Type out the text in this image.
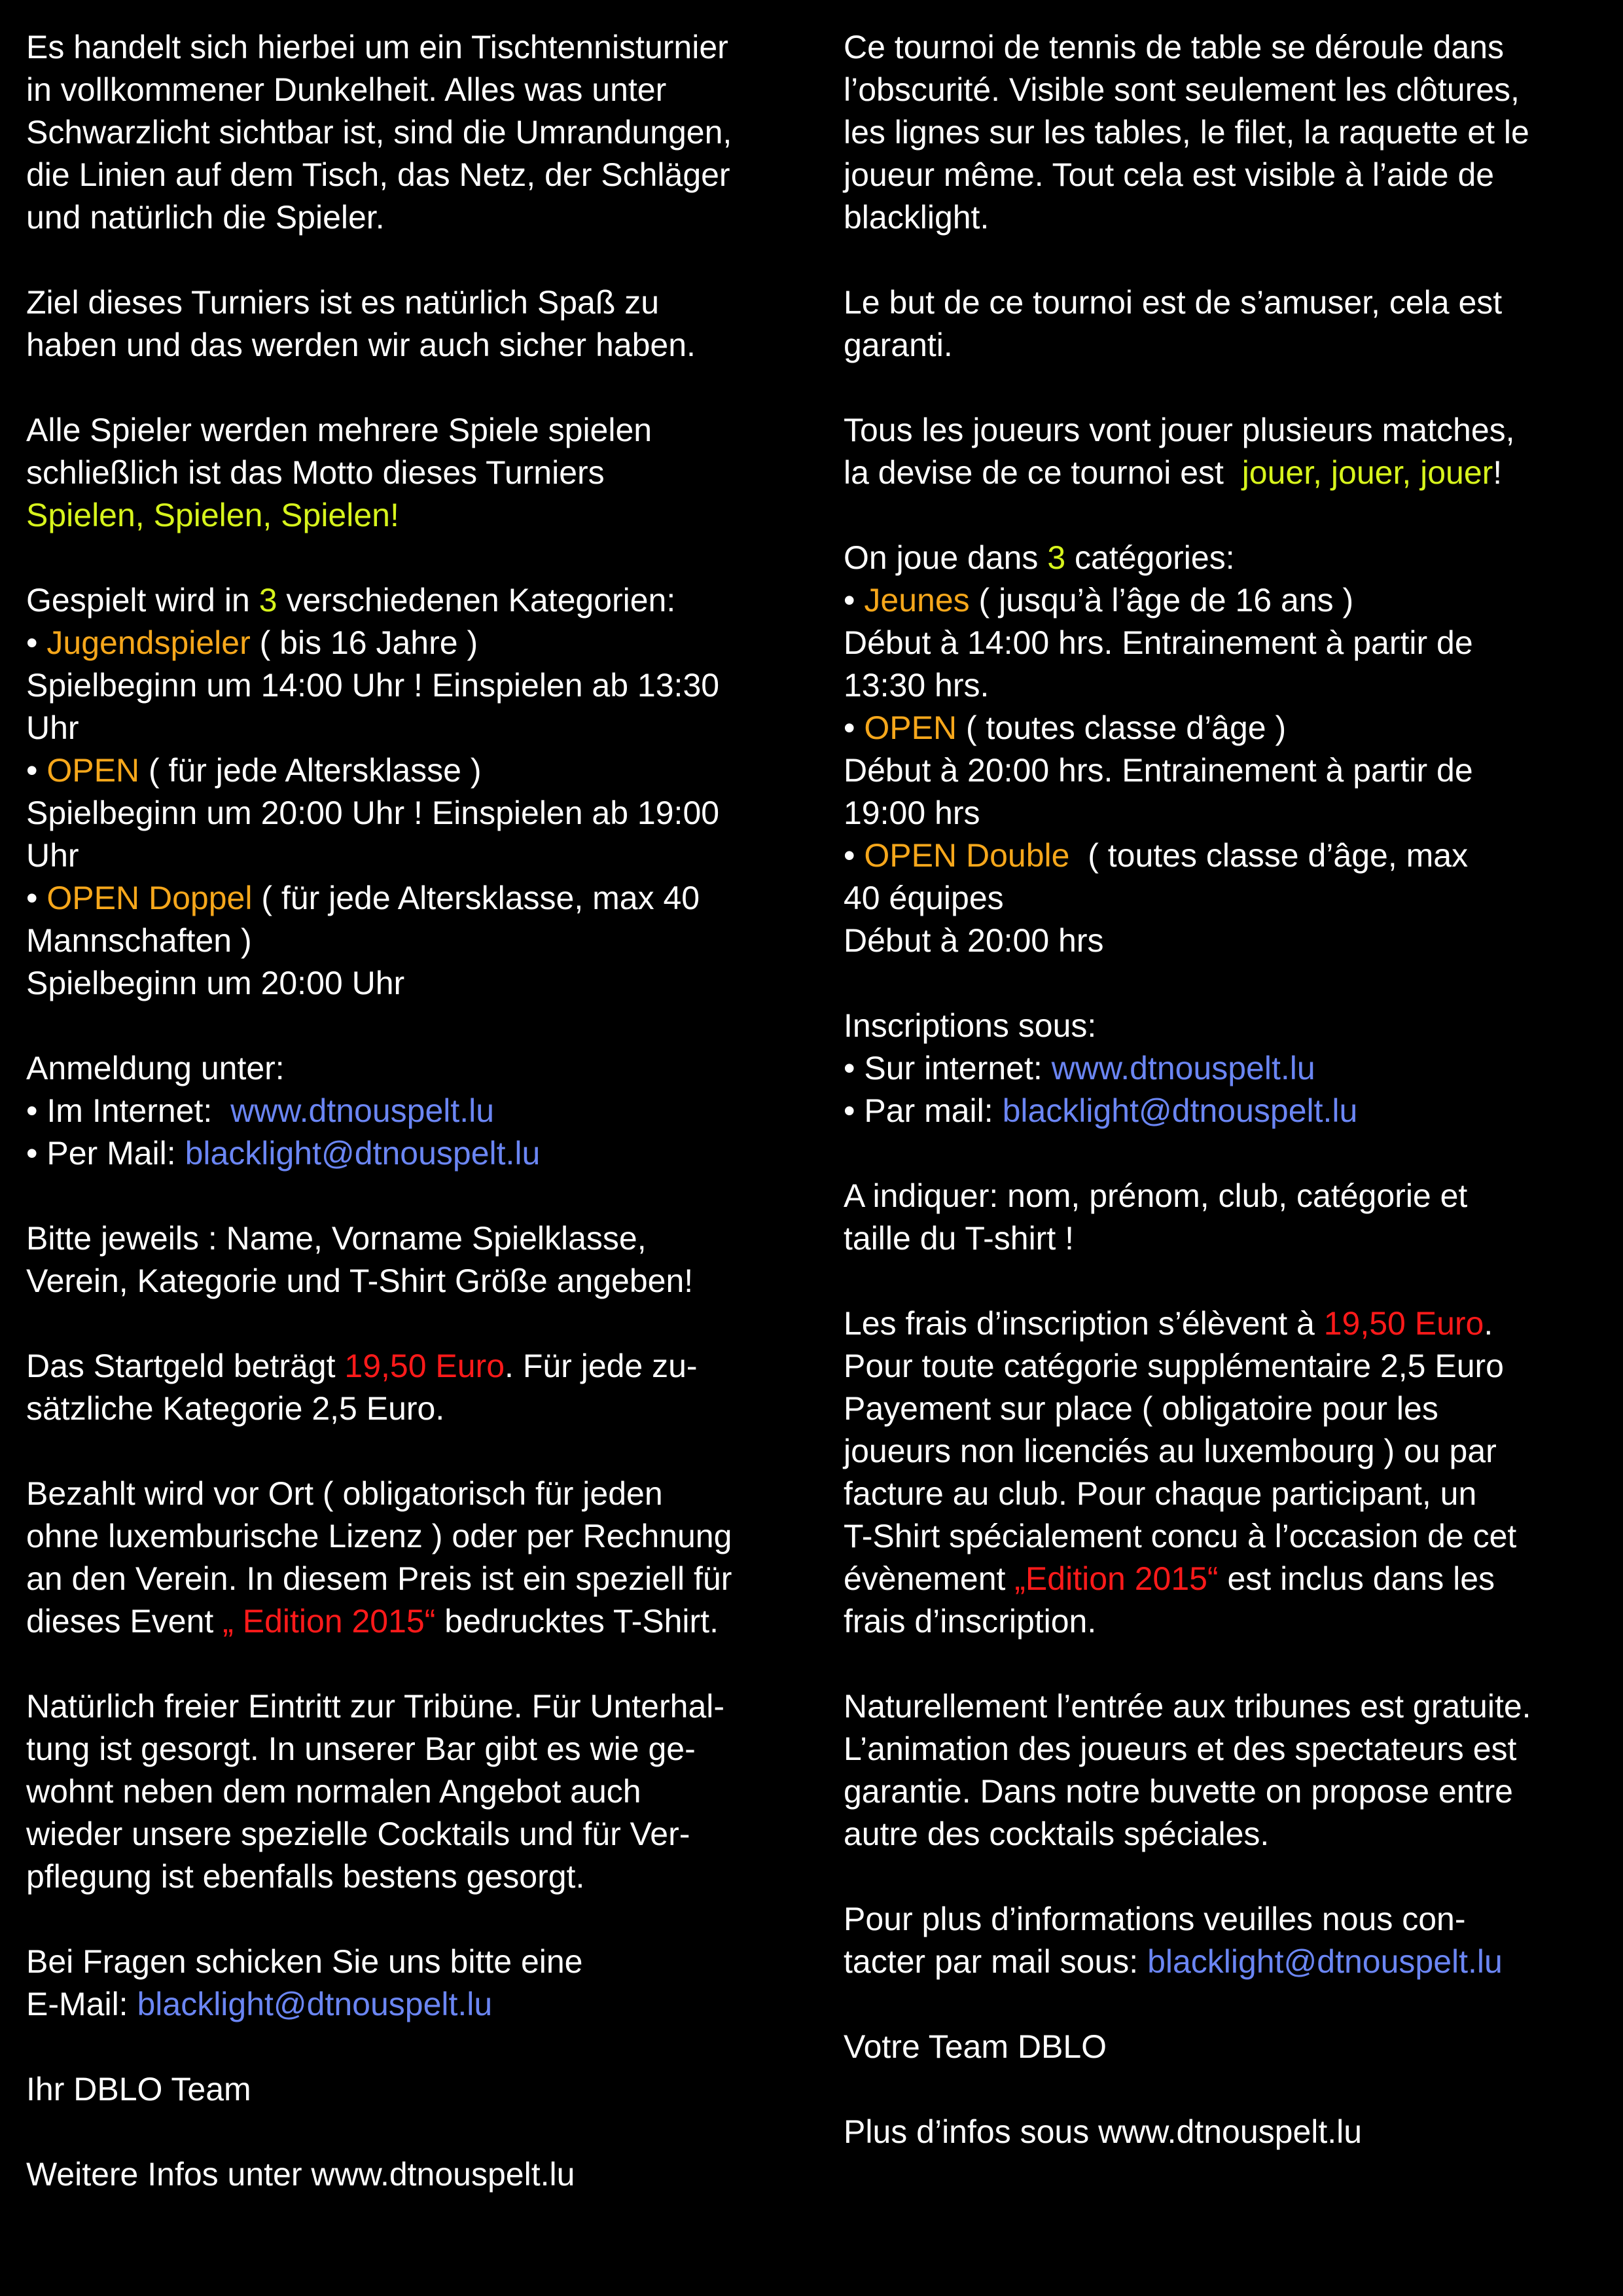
Es handelt sich hierbei um ein Tischtennisturnier
in vollkommener Dunkelheit. Alles was unter
Schwarzlicht sichtbar ist, sind die Umrandungen,
die Linien auf dem Tisch, das Netz, der Schläger
und natürlich die Spieler.
Ziel dieses Turniers ist es natürlich Spaß zu
haben und das werden wir auch sicher haben.
Alle Spieler werden mehrere Spiele spielen
schließlich ist das Motto dieses Turniers
Spielen, Spielen, Spielen!
Gespielt wird in 3 verschiedenen Kategorien:
• Jugendspieler ( bis 16 Jahre )
Spielbeginn um 14:00 Uhr ! Einspielen ab 13:30
Uhr
• OPEN ( für jede Altersklasse )
Spielbeginn um 20:00 Uhr ! Einspielen ab 19:00
Uhr
• OPEN Doppel ( für jede Altersklasse, max 40
Mannschaften )
Spielbeginn um 20:00 Uhr
Anmeldung unter:
• Im Internet:  www.dtnouspelt.lu
• Per Mail: blacklight@dtnouspelt.lu
Bitte jeweils : Name, Vorname Spielklasse,
Verein, Kategorie und T-Shirt Größe angeben!
Das Startgeld beträgt 19,50 Euro. Für jede zu-
sätzliche Kategorie 2,5 Euro.
Bezahlt wird vor Ort ( obligatorisch für jeden
ohne luxemburische Lizenz ) oder per Rechnung
an den Verein. In diesem Preis ist ein speziell für
dieses Event „ Edition 2015“ bedrucktes T-Shirt.
Natürlich freier Eintritt zur Tribüne. Für Unterhal-
tung ist gesorgt. In unserer Bar gibt es wie ge-
wohnt neben dem normalen Angebot auch
wieder unsere spezielle Cocktails und für Ver-
pflegung ist ebenfalls bestens gesorgt.
Bei Fragen schicken Sie uns bitte eine
E-Mail: blacklight@dtnouspelt.lu
Ihr DBLO Team
Weitere Infos unter www.dtnouspelt.lu
Ce tournoi de tennis de table se déroule dans
l’obscurité. Visible sont seulement les clôtures,
les lignes sur les tables, le filet, la raquette et le
joueur même. Tout cela est visible à l’aide de
blacklight.
Le but de ce tournoi est de s’amuser, cela est
garanti.
Tous les joueurs vont jouer plusieurs matches,
la devise de ce tournoi est  jouer, jouer, jouer!
On joue dans 3 catégories:
• Jeunes ( jusqu’à l’âge de 16 ans )
Début à 14:00 hrs. Entrainement à partir de
13:30 hrs.
• OPEN ( toutes classe d’âge )
Début à 20:00 hrs. Entrainement à partir de
19:00 hrs
• OPEN Double  ( toutes classe d’âge, max
40 équipes
Début à 20:00 hrs
Inscriptions sous:
• Sur internet: www.dtnouspelt.lu
• Par mail: blacklight@dtnouspelt.lu
A indiquer: nom, prénom, club, catégorie et
taille du T-shirt !
Les frais d’inscription s’élèvent à 19,50 Euro.
Pour toute catégorie supplémentaire 2,5 Euro
Payement sur place ( obligatoire pour les
joueurs non licenciés au luxembourg ) ou par
facture au club. Pour chaque participant, un
T-Shirt spécialement concu à l’occasion de cet
évènement „Edition 2015“ est inclus dans les
frais d’inscription.
Naturellement l’entrée aux tribunes est gratuite.
L’animation des joueurs et des spectateurs est
garantie. Dans notre buvette on propose entre
autre des cocktails spéciales.
Pour plus d’informations veuilles nous con-
tacter par mail sous: blacklight@dtnouspelt.lu
Votre Team DBLO
Plus d’infos sous www.dtnouspelt.lu
